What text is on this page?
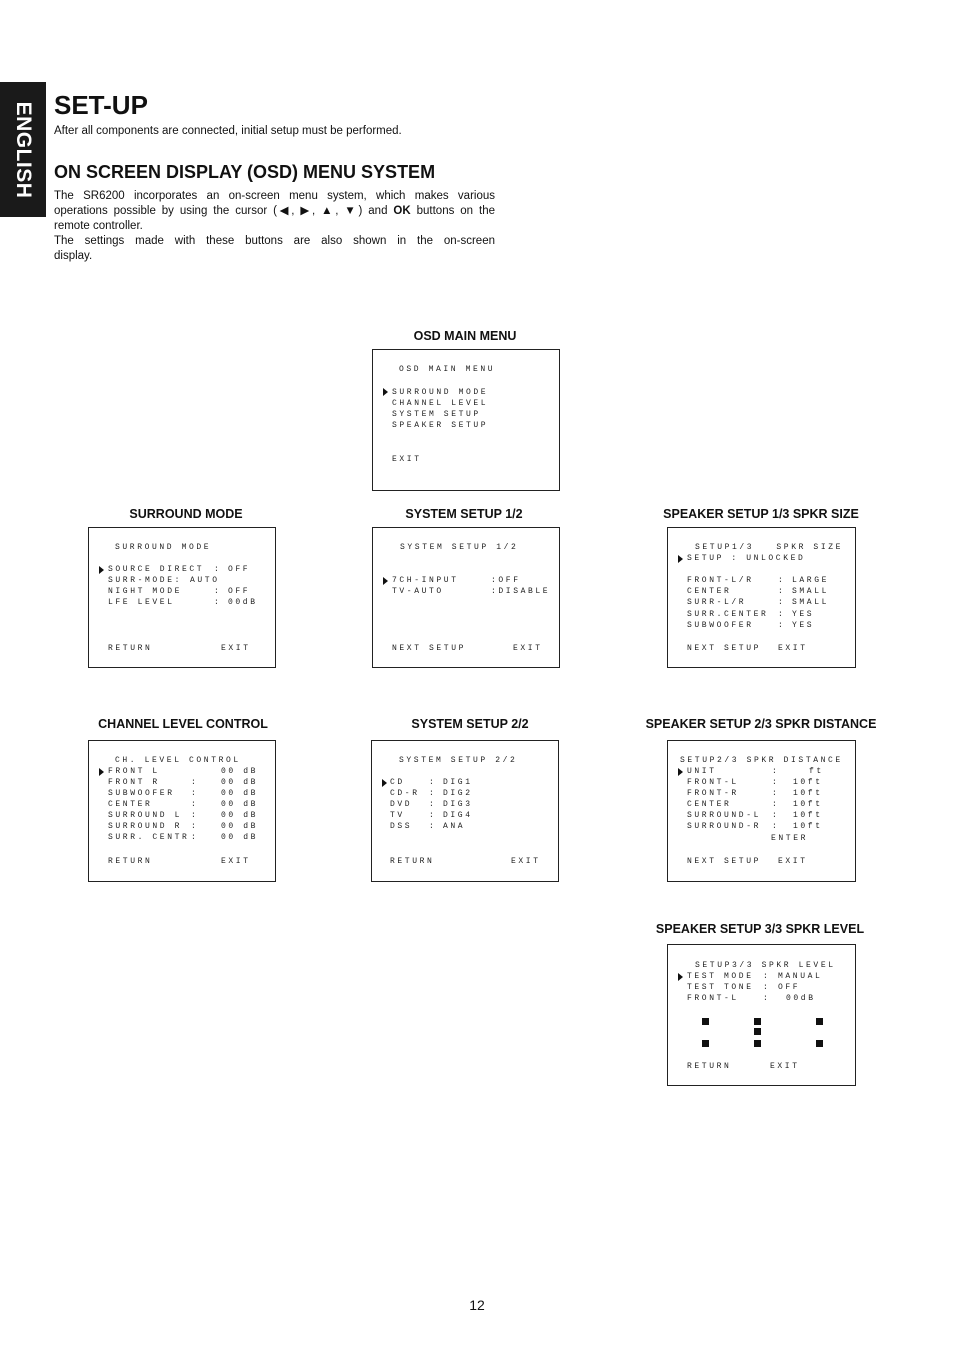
ENGLISH SET-UP

After all components are connected, initial setup must be performed.

ON SCREEN DISPLAY (OSD) MENU SYSTEM

The SR6200 incorporates an on-screen menu system, which makes various

operations possible by using the cursor (◀, ▶, ▲, ▼) and OK buttons on the

remote controller.

The settings made with these buttons are also shown in the on-screen

display.

OSD MAIN MENU
SURROUND MODE	SYSTEM SETUP 1/2	SPEAKER SETUP 1/3 SPKR SIZE
CHANNEL LEVEL CONTROL	SYSTEM SETUP 2/2	SPEAKER SETUP 2/3 SPKR DISTANCE
SPEAKER SETUP 3/3 SPKR LEVEL
OSD MAIN MENU
SURROUND MODE
CHANNEL LEVEL
SYSTEM SETUP
SPEAKER SETUP
EXIT
SURROUND MODE
SOURCE DIRECT : OFF
SURR-MODE: AUTO
NIGHT MODE	: OFF
LFE LEVEL	: 00dB
RETURN	EXIT
SYSTEM SETUP 1/2
7CH-INPUT	:OFF
TV-AUTO	:DISABLE
NEXT SETUP	EXIT
SETUP1/3   SPKR SIZE
SETUP : UNLOCKED
FRONT-L/R	: LARGE
CENTER	: SMALL
SURR-L/R	: SMALL
SURR.CENTER : YES
SUBWOOFER	: YES
NEXT SETUP EXIT
CH. LEVEL CONTROL
FRONT L	00 dB
FRONT R	:	00 dB
SUBWOOFER :	00 dB
CENTER	:	00 dB
SURROUND L :	00 dB
SURROUND R :	00 dB
SURR. CENTR :	00 dB
RETURN	EXIT
SYSTEM SETUP 2/2
CD	: DIG1
CD-R : DIG2
DVD : DIG3
TV	: DIG4
DSS : ANA
RETURN	EXIT
SETUP2/3 SPKR DISTANCE
UNIT	:	ft
FRONT-L	: 10ft
FRONT-R	: 10ft
CENTER	: 10ft
SURROUND-L : 10ft
SURROUND-R : 10ft
ENTER
NEXT SETUP EXIT
SETUP3/3 SPKR LEVEL
TEST MODE : MANUAL
TEST TONE : OFF
FRONT-L	: 00dB
RETURN	EXIT
12
